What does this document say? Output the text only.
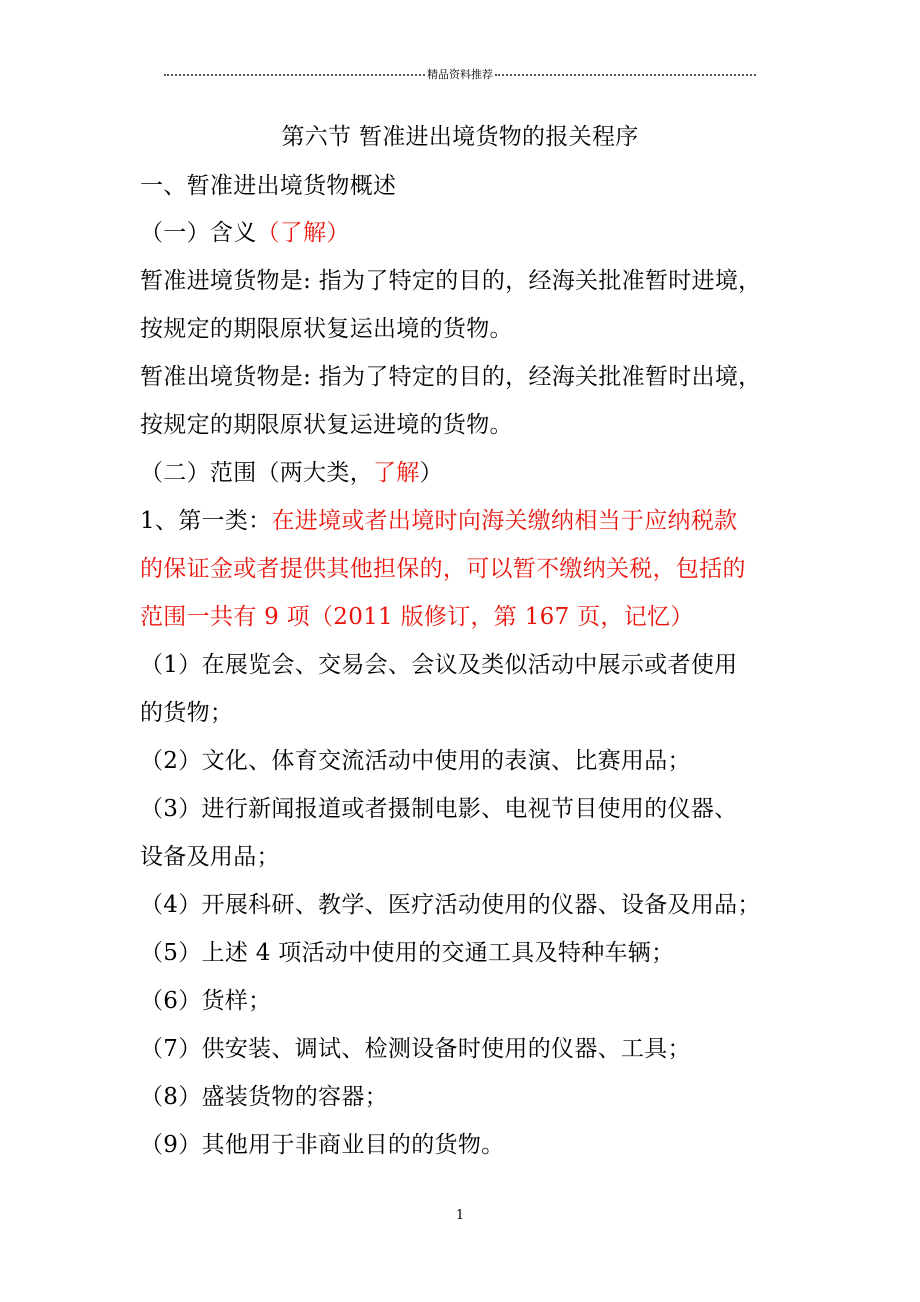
精品资料推荐
第六节 暂准进出境货物的报关程序
一、暂准进出境货物概述
（一）含义（了解）
暂准进境货物是: 指为了特定的目的，经海关批准暂时进境，
按规定的期限原状复运出境的货物。
暂准出境货物是: 指为了特定的目的，经海关批准暂时出境，
按规定的期限原状复运进境的货物。
（二）范围（两大类，了解）
1、第一类：在进境或者出境时向海关缴纳相当于应纳税款
的保证金或者提供其他担保的，可以暂不缴纳关税，包括的
范围一共有 9 项（2011 版修订，第 167 页，记忆）
（1）在展览会、交易会、会议及类似活动中展示或者使用
的货物；
（2）文化、体育交流活动中使用的表演、比赛用品；
（3）进行新闻报道或者摄制电影、电视节目使用的仪器、
设备及用品；
（4）开展科研、教学、医疗活动使用的仪器、设备及用品；
（5）上述 4 项活动中使用的交通工具及特种车辆；
（6）货样；
（7）供安装、调试、检测设备时使用的仪器、工具；
（8）盛装货物的容器；
（9）其他用于非商业目的的货物。
1
